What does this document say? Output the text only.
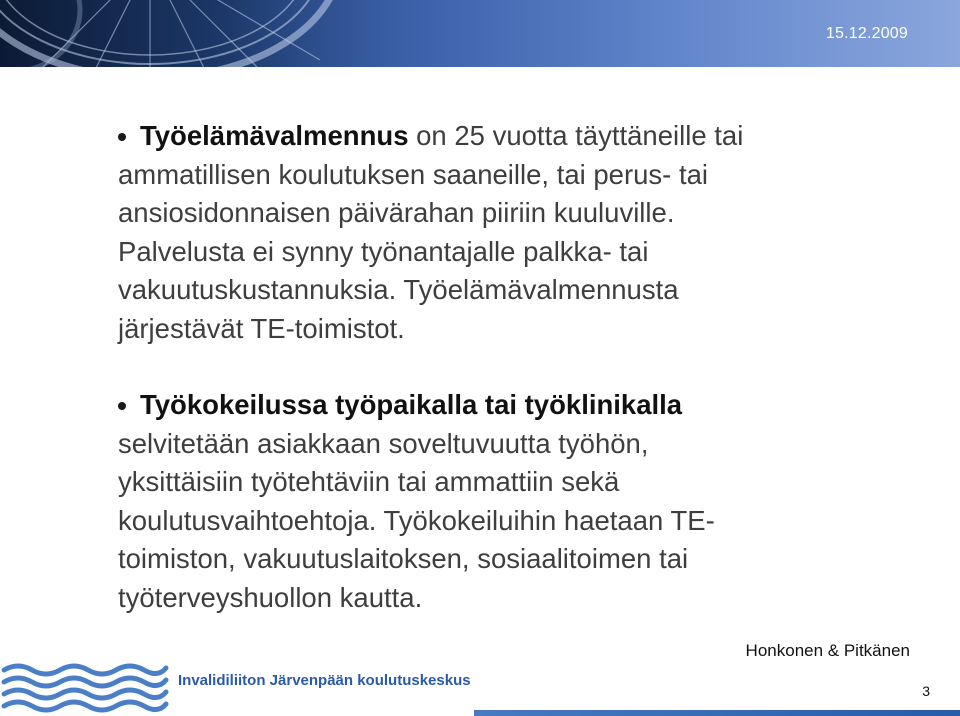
15.12.2009
Työelämävalmennus on 25 vuotta täyttäneille tai
ammatillisen koulutuksen saaneille, tai perus- tai
ansiosidonnaisen päivärahan piiriin kuuluville.
Palvelusta ei synny työnantajalle palkka- tai
vakuutuskustannuksia. Työelämävalmennusta
järjestävät TE-toimistot.
Työkokeilussa työpaikalla tai työklinikalla
selvitetään asiakkaan soveltuvuutta työhön,
yksittäisiin työtehtäviin tai ammattiin sekä
koulutusvaihtoehtoja. Työkokeiluihin haetaan TE-
toimiston, vakuutuslaitoksen, sosiaalitoimen tai
työterveyshuollon kautta.
Invalidiliiton Järvenpään koulutuskeskus
Honkonen & Pitkänen
3
